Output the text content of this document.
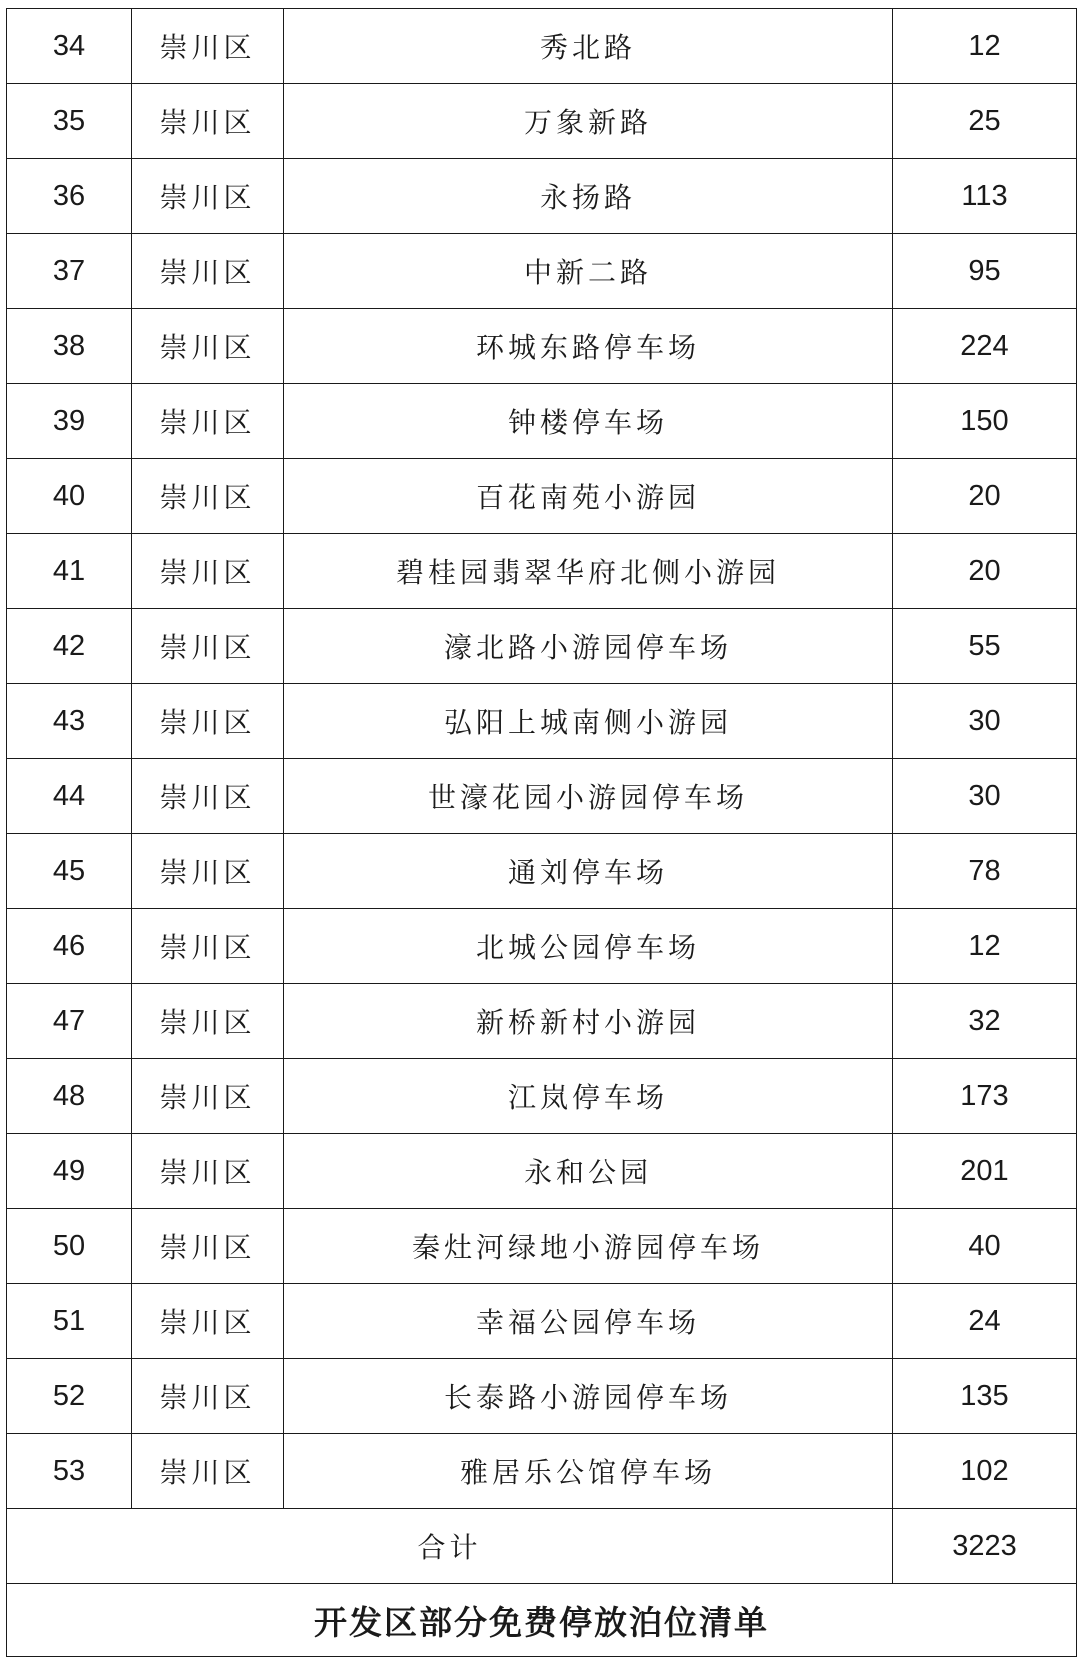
34	崇川区	秀北路	12
35	崇川区	万象新路	25
36	崇川区	永扬路	113
37	崇川区	中新二路	95
38	崇川区	环城东路停车场	224
39	崇川区	钟楼停车场	150
40	崇川区	百花南苑小游园	20
41	崇川区	碧桂园翡翠华府北侧小游园	20
42	崇川区	濠北路小游园停车场	55
43	崇川区	弘阳上城南侧小游园	30
44	崇川区	世濠花园小游园停车场	30
45	崇川区	通刘停车场	78
46	崇川区	北城公园停车场	12
47	崇川区	新桥新村小游园	32
48	崇川区	江岚停车场	173
49	崇川区	永和公园	201
50	崇川区	秦灶河绿地小游园停车场	40
51	崇川区	幸福公园停车场	24
52	崇川区	长泰路小游园停车场	135
53	崇川区	雅居乐公馆停车场	102
合计			3223
开发区部分免费停放泊位清单			
